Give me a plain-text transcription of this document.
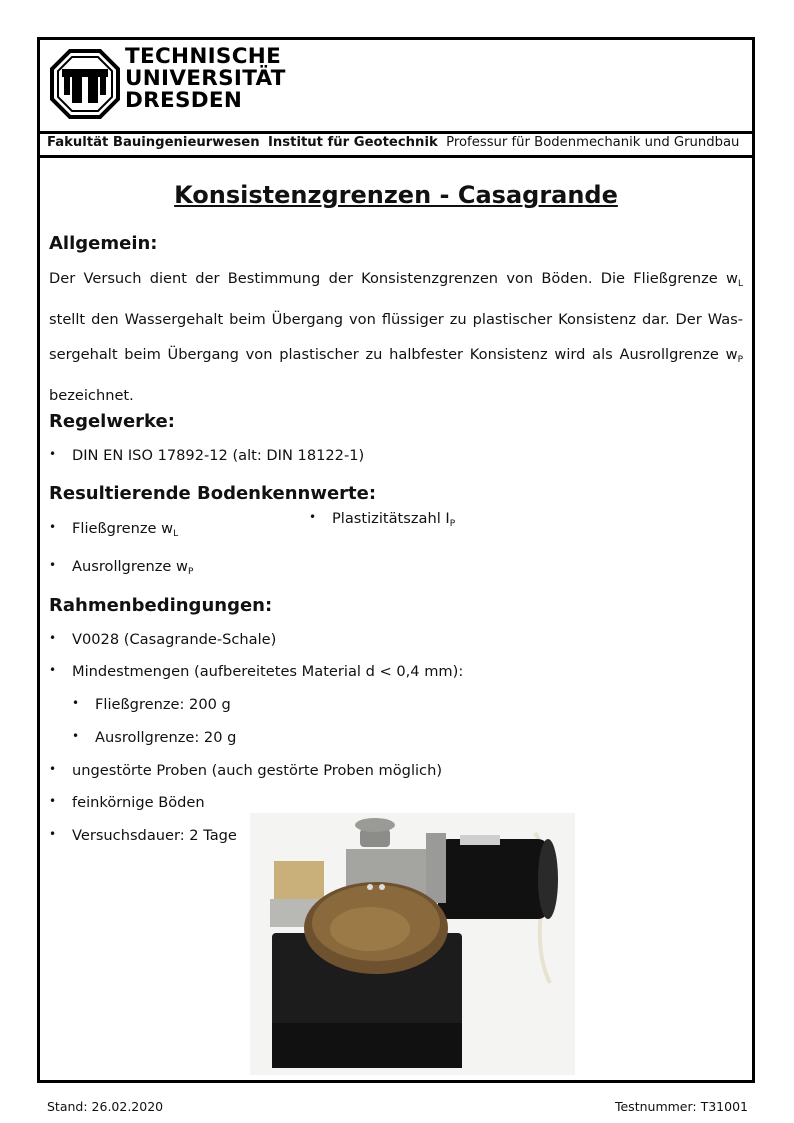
TECHNISCHE
UNIVERSITÄT
DRESDEN
Fakultät Bauingenieurwesen Institut für Geotechnik Professur für Bodenmechanik und Grundbau
Konsistenzgrenzen - Casagrande
Allgemein:

Der Versuch dient der Bestimmung der Konsistenzgrenzen von Böden. Die Fließgrenze $w_L$

stellt den Wassergehalt beim Übergang von flüssiger zu plastischer Konsistenz dar. Der Was-

sergehalt beim Übergang von plastischer zu halbfester Konsistenz wird als Ausrollgrenze $w_P$

bezeichnet.

Regelwerke:
• DIN EN ISO 17892-12 (alt: DIN 18122-1)
Resultierende Bodenkennwerte:
• Fließgrenze $w_L$
• Plastizitätszahl $I_P$
• Ausrollgrenze $w_P$
Rahmenbedingungen:
• V0028 (Casagrande-Schale)
• Mindestmengen (aufbereitetes Material d < 0,4 mm):
• Fließgrenze: 200 g
• Ausrollgrenze: 20 g
• ungestörte Proben (auch gestörte Proben möglich)
• feinkörnige Böden
• Versuchsdauer: 2 Tage
Stand: 26.02.2020	Testnummer: T31001
